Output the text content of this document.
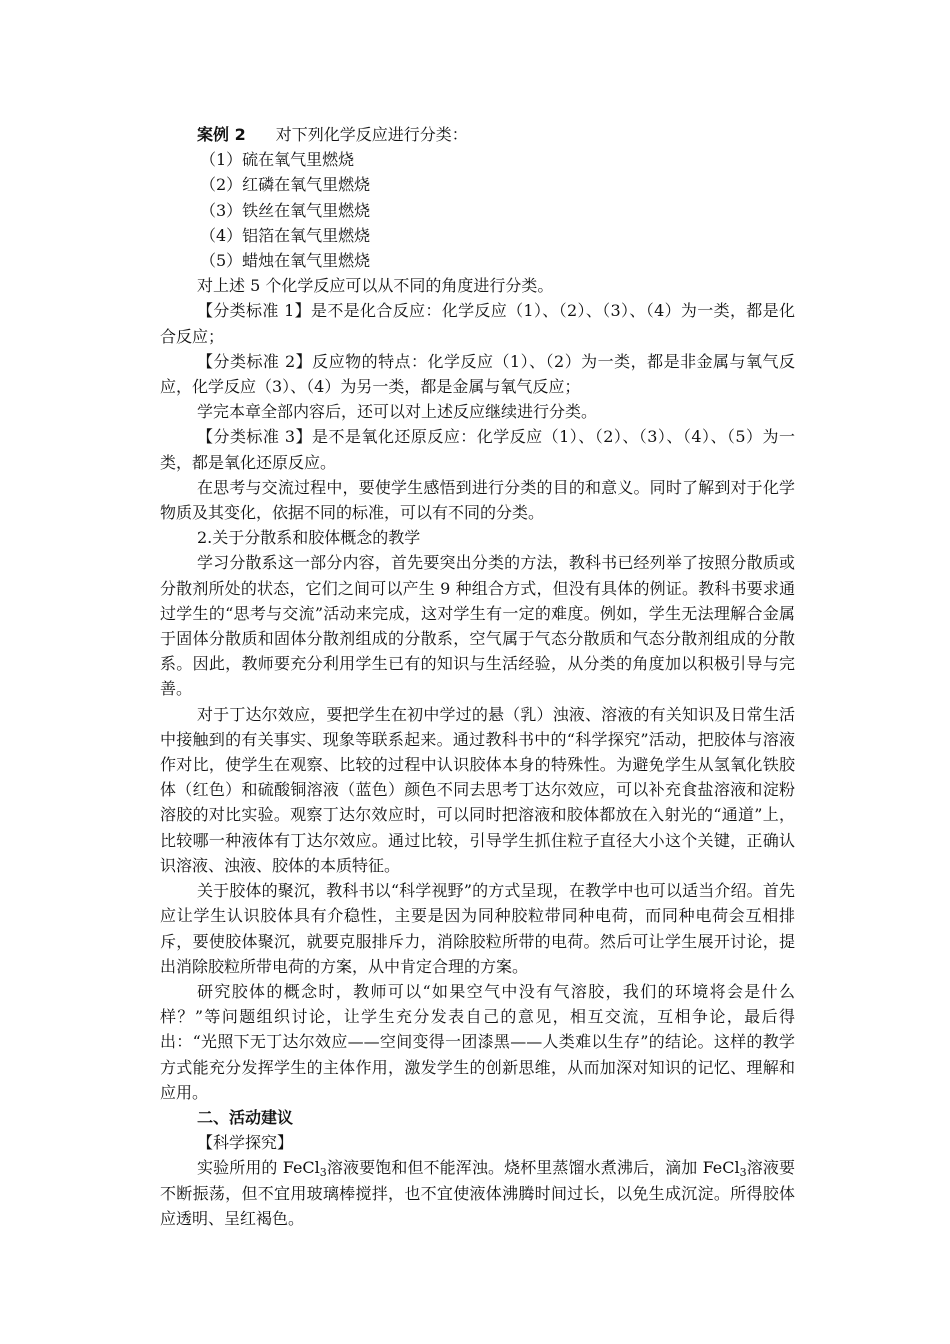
案例 2 对下列化学反应进行分类：

（1）硫在氧气里燃烧

（2）红磷在氧气里燃烧

（3）铁丝在氧气里燃烧

（4）铝箔在氧气里燃烧

（5）蜡烛在氧气里燃烧

对上述 5 个化学反应可以从不同的角度进行分类。

【分类标准 1】是不是化合反应：化学反应（1）、（2）、（3）、（4）为一类，都是化合反应；

【分类标准 2】反应物的特点：化学反应（1）、（2）为一类，都是非金属与氧气反应，化学反应（3）、（4）为另一类，都是金属与氧气反应；

学完本章全部内容后，还可以对上述反应继续进行分类。

【分类标准 3】是不是氧化还原反应：化学反应（1）、（2）、（3）、（4）、（5）为一类，都是氧化还原反应。

在思考与交流过程中，要使学生感悟到进行分类的目的和意义。同时了解到对于化学物质及其变化，依据不同的标准，可以有不同的分类。

2.关于分散系和胶体概念的教学

学习分散系这一部分内容，首先要突出分类的方法，教科书已经列举了按照分散质或分散剂所处的状态，它们之间可以产生 9 种组合方式，但没有具体的例证。教科书要求通过学生的“思考与交流”活动来完成，这对学生有一定的难度。例如，学生无法理解合金属于固体分散质和固体分散剂组成的分散系，空气属于气态分散质和气态分散剂组成的分散系。因此，教师要充分利用学生已有的知识与生活经验，从分类的角度加以积极引导与完善。

对于丁达尔效应，要把学生在初中学过的悬（乳）浊液、溶液的有关知识及日常生活中接触到的有关事实、现象等联系起来。通过教科书中的“科学探究”活动，把胶体与溶液作对比，使学生在观察、比较的过程中认识胶体本身的特殊性。为避免学生从氢氧化铁胶体（红色）和硫酸铜溶液（蓝色）颜色不同去思考丁达尔效应，可以补充食盐溶液和淀粉溶胶的对比实验。观察丁达尔效应时，可以同时把溶液和胶体都放在入射光的“通道”上，比较哪一种液体有丁达尔效应。通过比较，引导学生抓住粒子直径大小这个关键，正确认识溶液、浊液、胶体的本质特征。

关于胶体的聚沉，教科书以“科学视野”的方式呈现，在教学中也可以适当介绍。首先应让学生认识胶体具有介稳性，主要是因为同种胶粒带同种电荷，而同种电荷会互相排斥，要使胶体聚沉，就要克服排斥力，消除胶粒所带的电荷。然后可让学生展开讨论，提出消除胶粒所带电荷的方案，从中肯定合理的方案。

研究胶体的概念时，教师可以“如果空气中没有气溶胶，我们的环境将会是什么样？”等问题组织讨论，让学生充分发表自己的意见，相互交流，互相争论，最后得出：“光照下无丁达尔效应——空间变得一团漆黑——人类难以生存”的结论。这样的教学方式能充分发挥学生的主体作用，激发学生的创新思维，从而加深对知识的记忆、理解和应用。

二、活动建议

【科学探究】

实验所用的 FeCl$_3$溶液要饱和但不能浑浊。烧杯里蒸馏水煮沸后，滴加 FeCl$_3$溶液要不断振荡，但不宜用玻璃棒搅拌，也不宜使液体沸腾时间过长，以免生成沉淀。所得胶体应透明、呈红褐色。
